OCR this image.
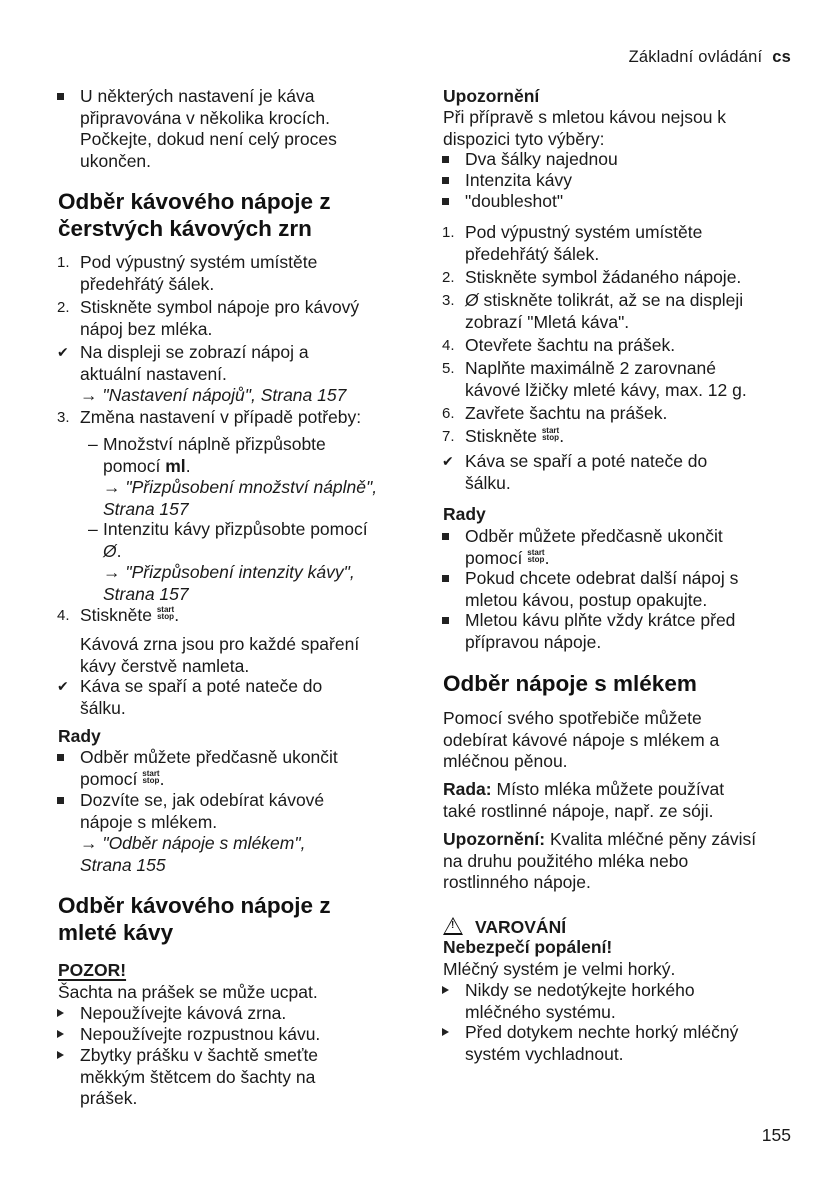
Základní ovládání cs
U některých nastavení je káva
připravována v několika krocích.
Počkejte, dokud není celý proces
ukončen.
Odběr kávového nápoje z
čerstvých kávových zrn
1. Pod výpustný systém umístěte
předehřátý šálek.
2. Stiskněte symbol nápoje pro kávový
nápoj bez mléka.
✔ Na displeji se zobrazí nápoj a
aktuální nastavení.
→ "Nastavení nápojů", Strana 157
3. Změna nastavení v případě potřeby:
– Množství náplně přizpůsobte
pomocí ml.
→ "Přizpůsobení množství náplně",
Strana 157
– Intenzitu kávy přizpůsobte pomocí
Ø.
→ "Přizpůsobení intenzity kávy",
Strana 157
4. Stiskněte start
stop.
Kávová zrna jsou pro každé spaření
kávy čerstvě namleta.
✔ Káva se spaří a poté nateče do
šálku.
Rady
Odběr můžete předčasně ukončit
pomocí start
stop.
Dozvíte se, jak odebírat kávové
nápoje s mlékem.
→ "Odběr nápoje s mlékem",
Strana 155
Odběr kávového nápoje z
mleté kávy
POZOR!
Šachta na prášek se může ucpat.
Nepoužívejte kávová zrna.
Nepoužívejte rozpustnou kávu.
Zbytky prášku v šachtě smeťte
měkkým štětcem do šachty na
prášek.
Upozornění
Při přípravě s mletou kávou nejsou k
dispozici tyto výběry:
Dva šálky najednou
Intenzita kávy
"doubleshot"
1. Pod výpustný systém umístěte
předehřátý šálek.
2. Stiskněte symbol žádaného nápoje.
3. Ø stiskněte tolikrát, až se na displeji
zobrazí "Mletá káva".
4. Otevřete šachtu na prášek.
5. Naplňte maximálně 2 zarovnané
kávové lžičky mleté kávy, max. 12 g.
6. Zavřete šachtu na prášek.
7. Stiskněte start
stop.
✔ Káva se spaří a poté nateče do
šálku.
Rady
Odběr můžete předčasně ukončit
pomocí start
stop.
Pokud chcete odebrat další nápoj s
mletou kávou, postup opakujte.
Mletou kávu plňte vždy krátce před
přípravou nápoje.
Odběr nápoje s mlékem
Pomocí svého spotřebiče můžete
odebírat kávové nápoje s mlékem a
mléčnou pěnou.
Rada: Místo mléka můžete používat
také rostlinné nápoje, např. ze sóji.
Upozornění: Kvalita mléčné pěny závisí
na druhu použitého mléka nebo
rostlinného nápoje.
! VAROVÁNÍ
Nebezpečí popálení!
Mléčný systém je velmi horký.
Nikdy se nedotýkejte horkého
mléčného systému.
Před dotykem nechte horký mléčný
systém vychladnout.
155
